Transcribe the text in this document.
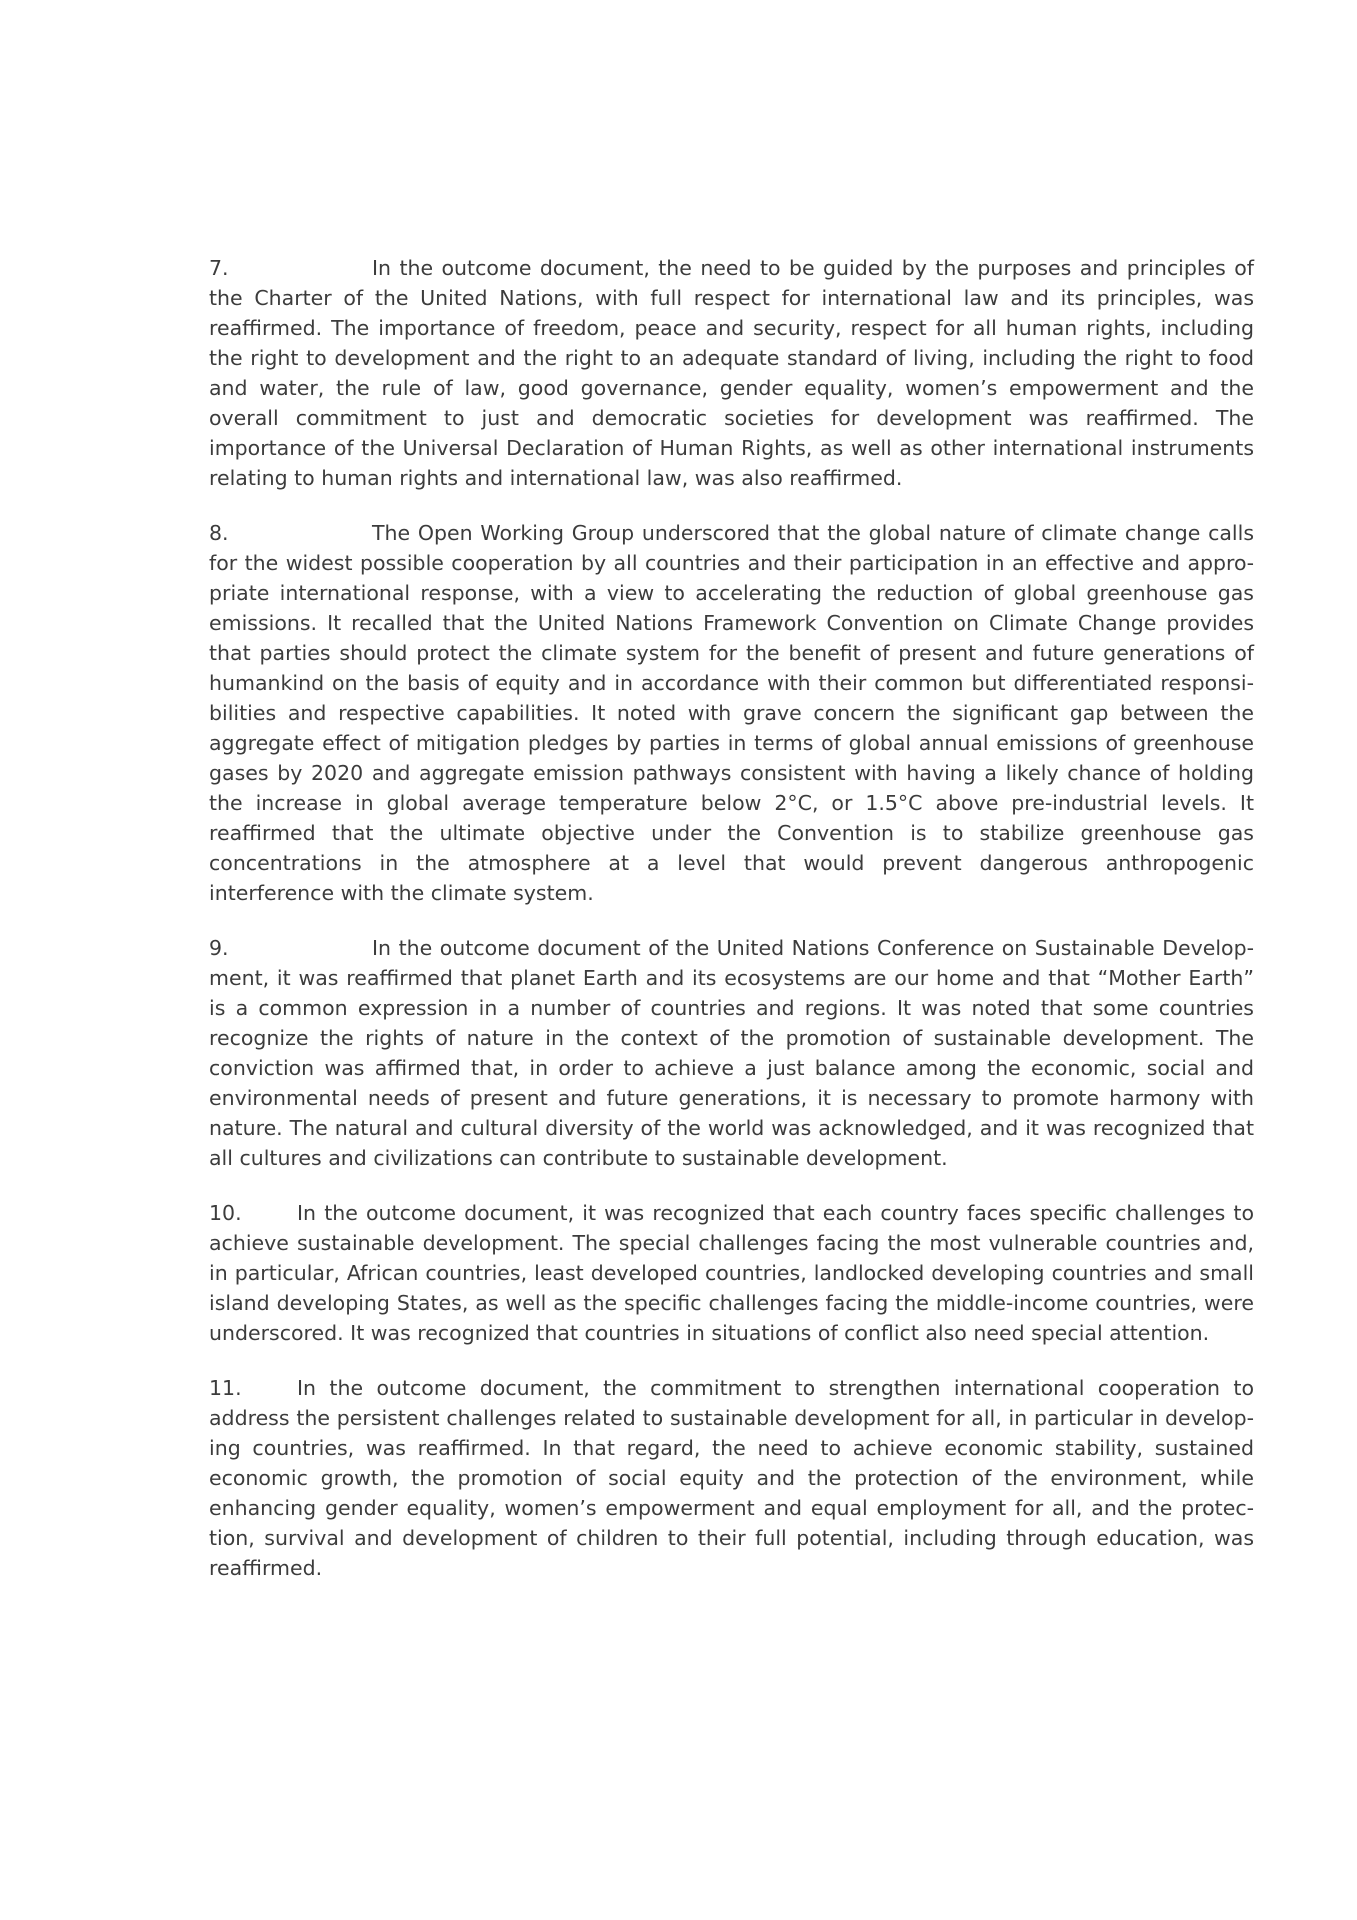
7.	In the outcome document, the need to be guided by the purposes and principles of the Charter of the United Nations, with full respect for international law and its principles, was reaffirmed. The importance of freedom, peace and security, respect for all human rights, including the right to development and the right to an adequate standard of living, including the right to food and water, the rule of law, good governance, gender equality, women’s empowerment and the overall commitment to just and democratic societies for development was reaffirmed. The importance of the Universal Declaration of Human Rights, as well as other international instruments relating to human rights and international law, was also reaffirmed.

8.	The Open Working Group underscored that the global nature of climate change calls for the widest possible cooperation by all countries and their participation in an effective and appropriate international response, with a view to accelerating the reduction of global greenhouse gas emissions. It recalled that the United Nations Framework Convention on Climate Change provides that parties should protect the climate system for the benefit of present and future generations of humankind on the basis of equity and in accordance with their common but differentiated responsibilities and respective capabilities. It noted with grave concern the significant gap between the aggregate effect of mitigation pledges by parties in terms of global annual emissions of greenhouse gases by 2020 and aggregate emission pathways consistent with having a likely chance of holding the increase in global average temperature below 2°C, or 1.5°C above pre-industrial levels. It reaffirmed that the ultimate objective under the Convention is to stabilize greenhouse gas concentrations in the atmosphere at a level that would prevent dangerous anthropogenic interference with the climate system.

9.	In the outcome document of the United Nations Conference on Sustainable Development, it was reaffirmed that planet Earth and its ecosystems are our home and that “Mother Earth” is a common expression in a number of countries and regions. It was noted that some countries recognize the rights of nature in the context of the promotion of sustainable development. The conviction was affirmed that, in order to achieve a just balance among the economic, social and environmental needs of present and future generations, it is necessary to promote harmony with nature. The natural and cultural diversity of the world was acknowledged, and it was recognized that all cultures and civilizations can contribute to sustainable development.

10.	In the outcome document, it was recognized that each country faces specific challenges to achieve sustainable development. The special challenges facing the most vulnerable countries and, in particular, African countries, least developed countries, landlocked developing countries and small island developing States, as well as the specific challenges facing the middle-income countries, were underscored. It was recognized that countries in situations of conflict also need special attention.

11.	In the outcome document, the commitment to strengthen international cooperation to address the persistent challenges related to sustainable development for all, in particular in developing countries, was reaffirmed. In that regard, the need to achieve economic stability, sustained economic growth, the promotion of social equity and the protection of the environment, while enhancing gender equality, women’s empowerment and equal employment for all, and the protection, survival and development of children to their full potential, including through education, was reaffirmed.
